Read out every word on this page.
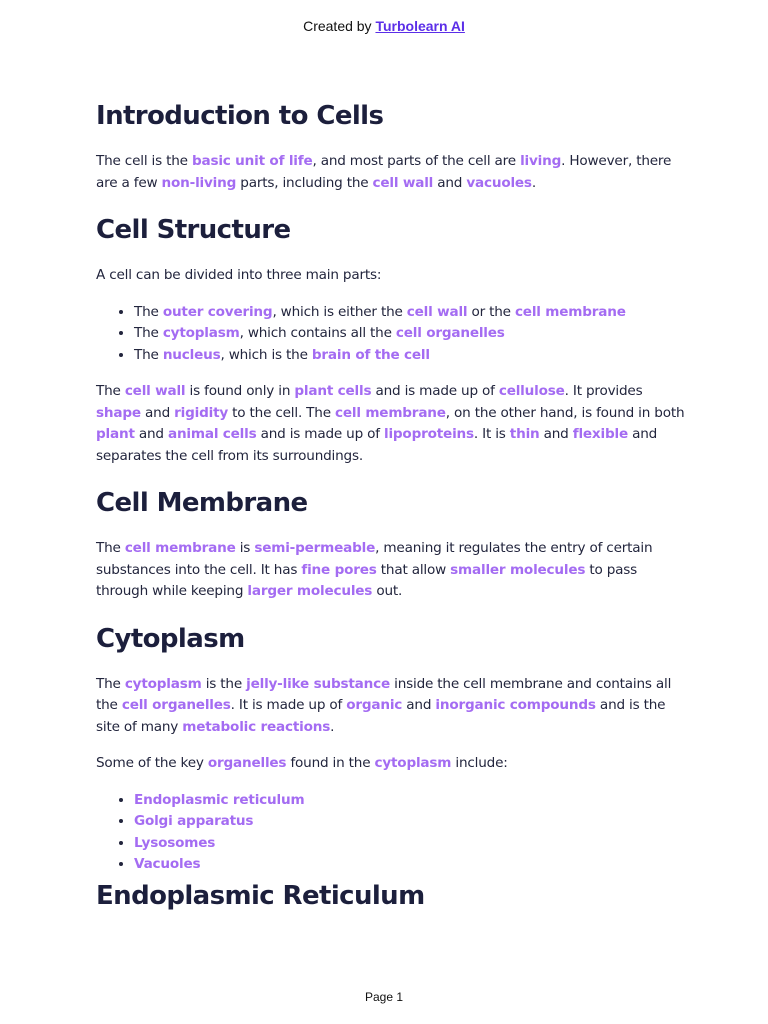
Created by Turbolearn AI
Introduction to Cells

The cell is the basic unit of life, and most parts of the cell are living. However, there are a few non-living parts, including the cell wall and vacuoles.

Cell Structure

A cell can be divided into three main parts:

• The outer covering, which is either the cell wall or the cell membrane
• The cytoplasm, which contains all the cell organelles
• The nucleus, which is the brain of the cell

The cell wall is found only in plant cells and is made up of cellulose. It provides shape and rigidity to the cell. The cell membrane, on the other hand, is found in both plant and animal cells and is made up of lipoproteins. It is thin and flexible and separates the cell from its surroundings.

Cell Membrane

The cell membrane is semi-permeable, meaning it regulates the entry of certain substances into the cell. It has fine pores that allow smaller molecules to pass through while keeping larger molecules out.

Cytoplasm

The cytoplasm is the jelly-like substance inside the cell membrane and contains all the cell organelles. It is made up of organic and inorganic compounds and is the site of many metabolic reactions.

Some of the key organelles found in the cytoplasm include:

• Endoplasmic reticulum
• Golgi apparatus
• Lysosomes
• Vacuoles
Endoplasmic Reticulum
Page 1
